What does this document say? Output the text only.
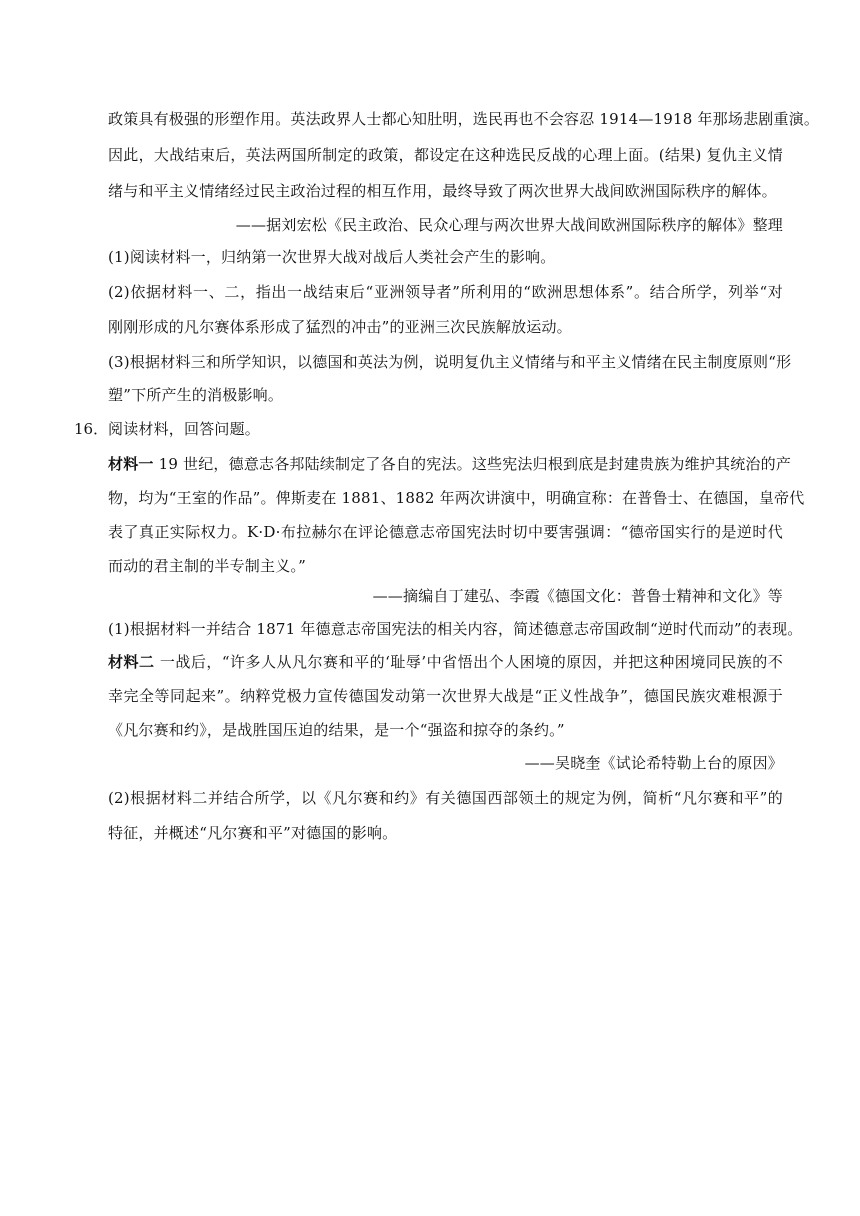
政策具有极强的形塑作用。英法政界人士都心知肚明，选民再也不会容忍 1914—1918 年那场悲剧重演。
因此，大战结束后，英法两国所制定的政策，都设定在这种选民反战的心理上面。(结果) 复仇主义情
绪与和平主义情绪经过民主政治过程的相互作用，最终导致了两次世界大战间欧洲国际秩序的解体。
——据刘宏松《民主政治、民众心理与两次世界大战间欧洲国际秩序的解体》整理
(1)阅读材料一，归纳第一次世界大战对战后人类社会产生的影响。
(2)依据材料一、二，指出一战结束后“亚洲领导者”所利用的“欧洲思想体系”。结合所学，列举“对
刚刚形成的凡尔赛体系形成了猛烈的冲击”的亚洲三次民族解放运动。
(3)根据材料三和所学知识，以德国和英法为例，说明复仇主义情绪与和平主义情绪在民主制度原则“形
塑”下所产生的消极影响。
16． 阅读材料，回答问题。
材料一 19 世纪，德意志各邦陆续制定了各自的宪法。这些宪法归根到底是封建贵族为维护其统治的产
物，均为“王室的作品”。俾斯麦在 1881、1882 年两次讲演中，明确宣称：在普鲁士、在德国，皇帝代
表了真正实际权力。K·D·布拉赫尔在评论德意志帝国宪法时切中要害强调：“德帝国实行的是逆时代
而动的君主制的半专制主义。”
——摘编自丁建弘、李霞《德国文化：普鲁士精神和文化》等
(1)根据材料一并结合 1871 年德意志帝国宪法的相关内容，简述德意志帝国政制“逆时代而动”的表现。
材料二 一战后，“许多人从凡尔赛和平的‘耻辱’中省悟出个人困境的原因，并把这种困境同民族的不
幸完全等同起来”。纳粹党极力宣传德国发动第一次世界大战是“正义性战争”，德国民族灾难根源于
《凡尔赛和约》，是战胜国压迫的结果，是一个“强盗和掠夺的条约。”
——吴晓奎《试论希特勒上台的原因》
(2)根据材料二并结合所学，以《凡尔赛和约》有关德国西部领土的规定为例，简析“凡尔赛和平”的
特征，并概述“凡尔赛和平”对德国的影响。
